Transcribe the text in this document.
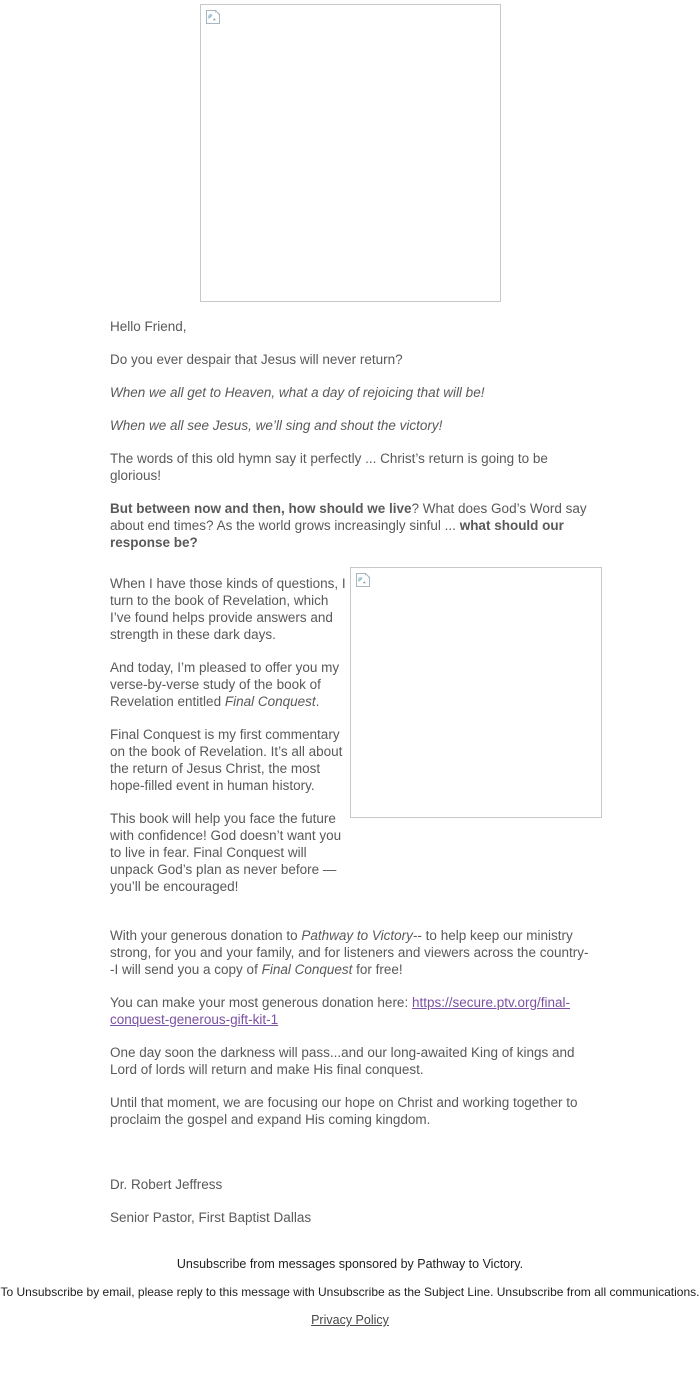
Hello Friend,

Do you ever despair that Jesus will never return?

When we all get to Heaven, what a day of rejoicing that will be!

When we all see Jesus, we’ll sing and shout the victory!

The words of this old hymn say it perfectly ... Christ’s return is going to be glorious!

But between now and then, how should we live? What does God’s Word say about end times? As the world grows increasingly sinful ... what should our response be?

When I have those kinds of questions, I turn to the book of Revelation, which I’ve found helps provide answers and strength in these dark days.

And today, I’m pleased to offer you my verse-by-verse study of the book of Revelation entitled Final Conquest.

Final Conquest is my first commentary on the book of Revelation. It’s all about the return of Jesus Christ, the most hope-filled event in human history.

This book will help you face the future with confidence! God doesn’t want you to live in fear. Final Conquest will unpack God’s plan as never before — you’ll be encouraged!

With your generous donation to Pathway to Victory-- to help keep our ministry strong, for you and your family, and for listeners and viewers across the country--I will send you a copy of Final Conquest for free!

You can make your most generous donation here: https://secure.ptv.org/final-conquest-generous-gift-kit-1

One day soon the darkness will pass...and our long-awaited King of kings and Lord of lords will return and make His final conquest.

Until that moment, we are focusing our hope on Christ and working together to proclaim the gospel and expand His coming kingdom.

Dr. Robert Jeffress

Senior Pastor, First Baptist Dallas

Unsubscribe from messages sponsored by Pathway to Victory.

To Unsubscribe by email, please reply to this message with Unsubscribe as the Subject Line. Unsubscribe from all communications.

Privacy Policy
